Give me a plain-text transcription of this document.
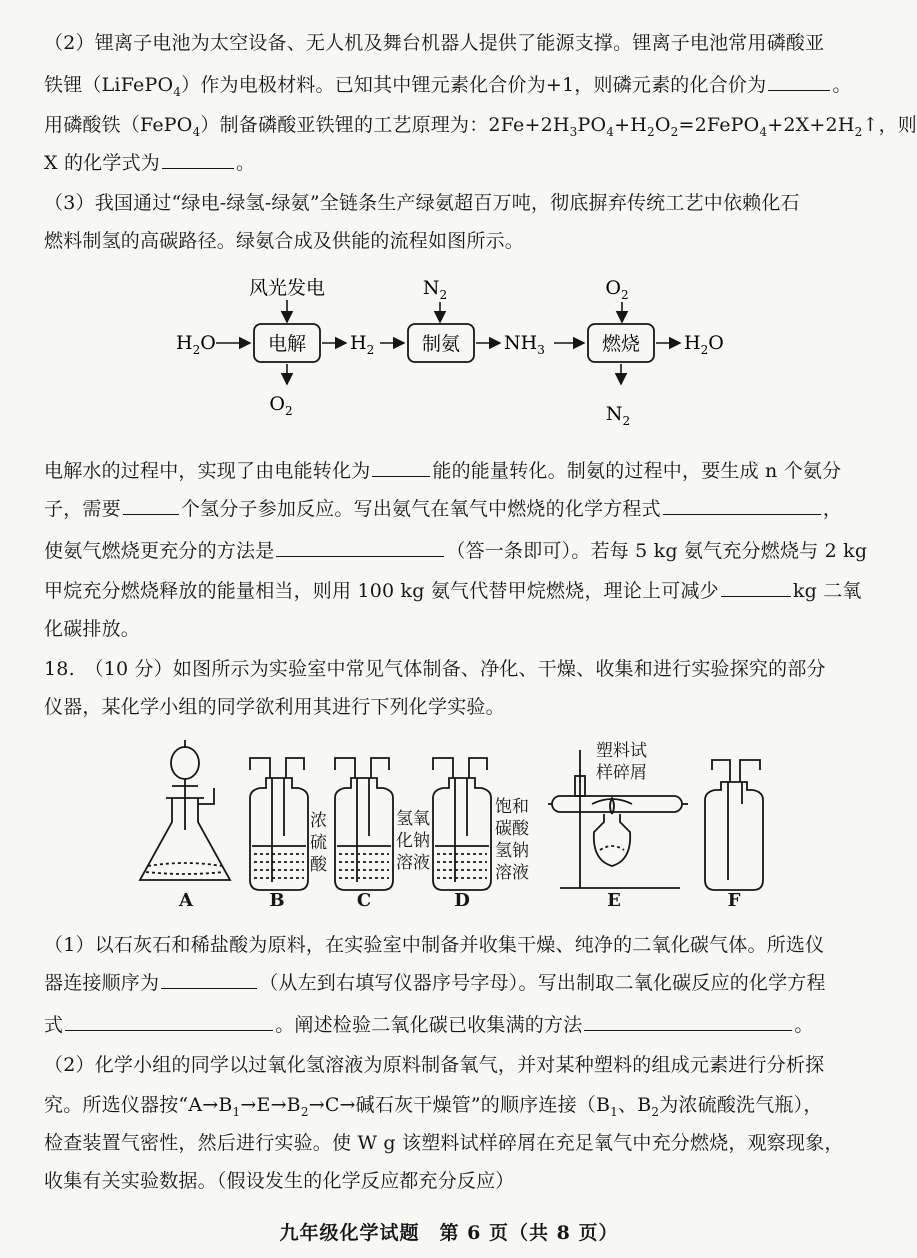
（2）锂离子电池为太空设备、无人机及舞台机器人提供了能源支撑。锂离子电池常用磷酸亚
铁锂（LiFePO$_4$）作为电极材料。已知其中锂元素化合价为+1，则磷元素的化合价为	。
用磷酸铁（FePO$_4$）制备磷酸亚铁锂的工艺原理为：$2Fe+2H_3PO_4+H_2O_2=2FePO_4+2X+2H_2↑$，则
X 的化学式为	。
（3）我国通过“绿电-绿氢-绿氨”全链条生产绿氨超百万吨，彻底摒弃传统工艺中依赖化石
燃料制氢的高碳路径。绿氨合成及供能的流程如图所示。
风光发电	$N_2$	$O_2$
$H_2O$	电解 $H_2$	制氨 $NH_3$	燃烧 $H_2O$
$O_2$	$N_2$
电解水的过程中，实现了由电能转化为	能的能量转化。制氨的过程中，要生成 n 个氨分
子，需要	个氢分子参加反应。写出氨气在氧气中燃烧的化学方程式	，
使氨气燃烧更充分的方法是	（答一条即可）。若每 5 kg 氨气充分燃烧与 2 kg
甲烷充分燃烧释放的能量相当，则用 100 kg 氨气代替甲烷燃烧，理论上可减少	kg 二氧
化碳排放。
18.　（10 分）如图所示为实验室中常见气体制备、净化、干燥、收集和进行实验探究的部分
仪器，某化学小组的同学欲利用其进行下列化学实验。
浓
硫
酸
氢氧
化钠
溶液
饱和
碳酸
氢钠
溶液
塑料试
样碎屑
A	B	C	D	E	F
（1）以石灰石和稀盐酸为原料，在实验室中制备并收集干燥、纯净的二氧化碳气体。所选仪
器连接顺序为	（从左到右填写仪器序号字母）。写出制取二氧化碳反应的化学方程
式	。阐述检验二氧化碳已收集满的方法	。
（2）化学小组的同学以过氧化氢溶液为原料制备氧气，并对某种塑料的组成元素进行分析探
究。所选仪器按“$A\to B_1\to E\to B_2\to C\to$碱石灰干燥管”的顺序连接（$B_1$、$B_2$为浓硫酸洗气瓶），
检查装置气密性，然后进行实验。使 W g 该塑料试样碎屑在充足氧气中充分燃烧，观察现象，
收集有关实验数据。（假设发生的化学反应都充分反应）
九年级化学试题　第 6 页（共 8 页）
